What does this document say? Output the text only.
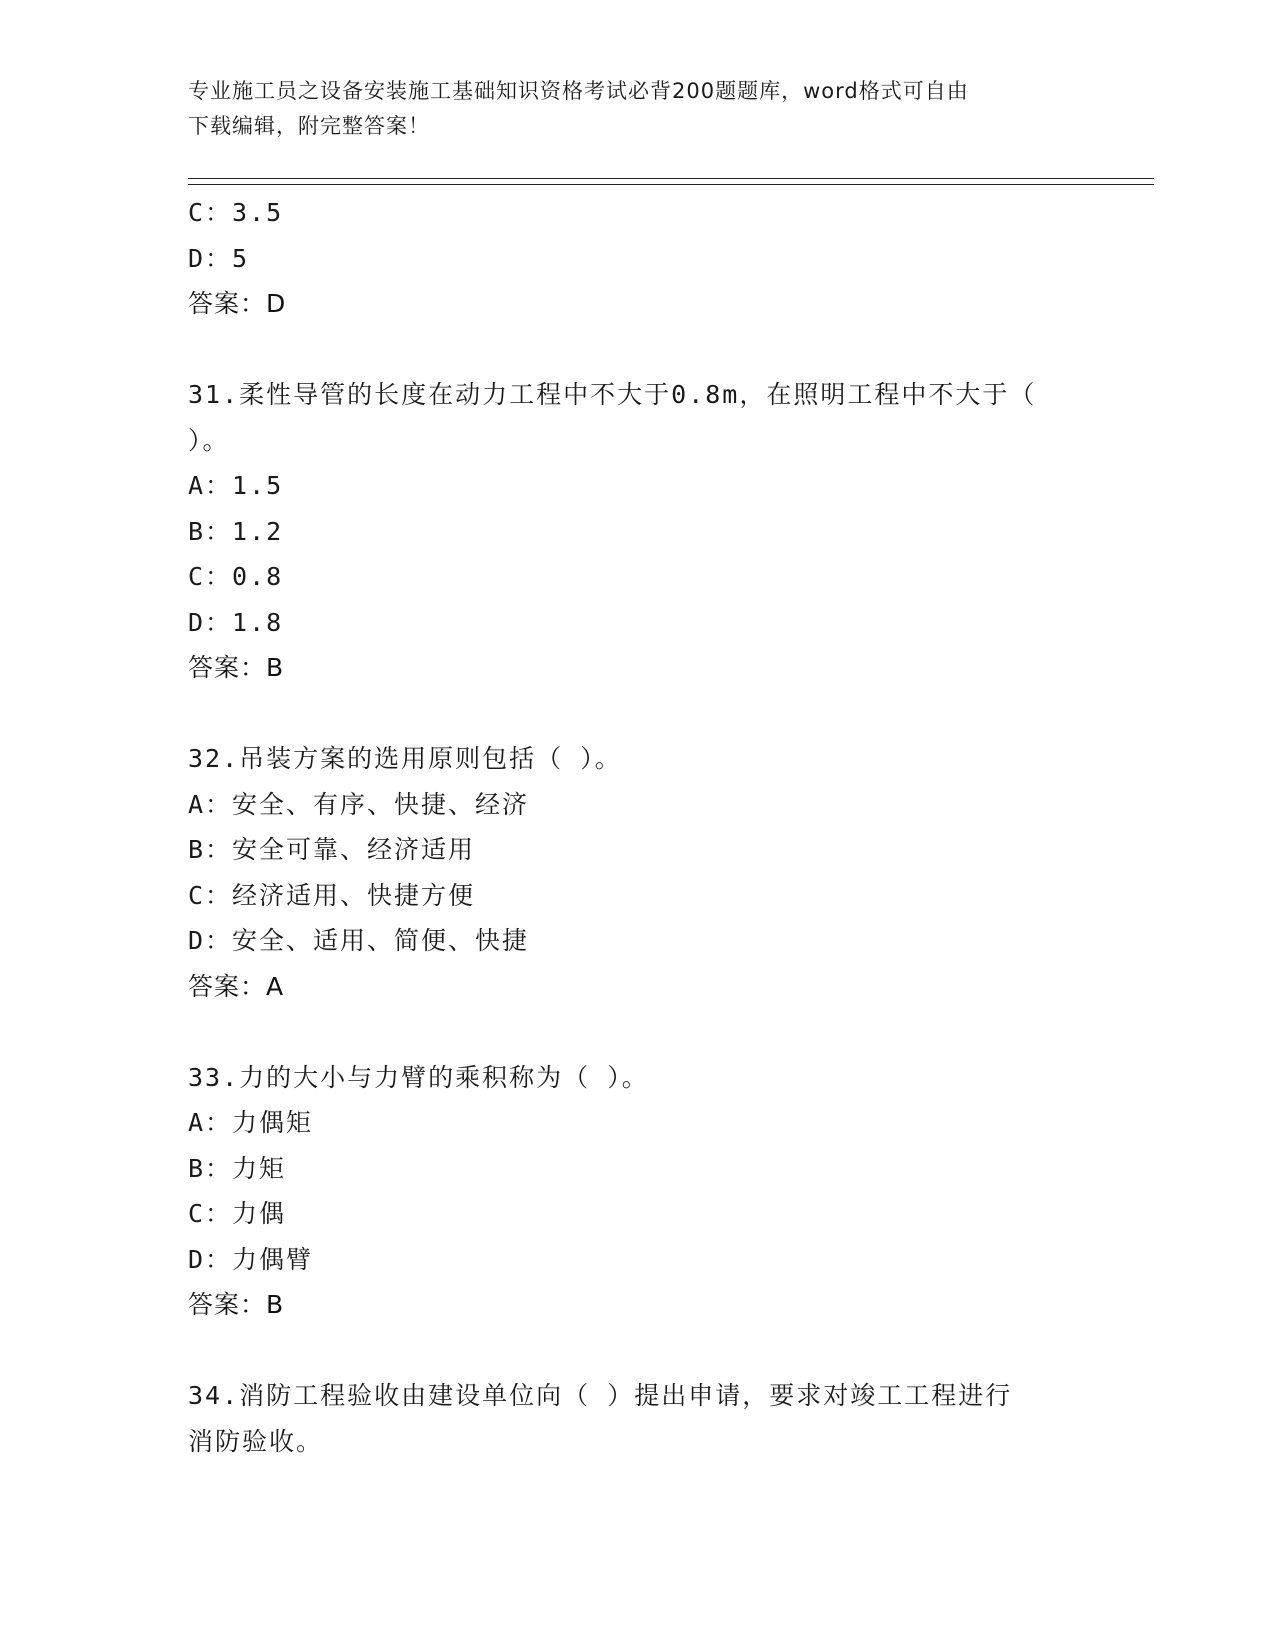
专业施工员之设备安装施工基础知识资格考试必背200题题库，word格式可自由
下载编辑，附完整答案！
C：3.5
D：5
答案：D
31.柔性导管的长度在动力工程中不大于0.8m，在照明工程中不大于（
）。
A：1.5
B：1.2
C：0.8
D：1.8
答案：B
32.吊装方案的选用原则包括（ ）。
A：安全、有序、快捷、经济
B：安全可靠、经济适用
C：经济适用、快捷方便
D：安全、适用、简便、快捷
答案：A
33.力的大小与力臂的乘积称为（ ）。
A：力偶矩
B：力矩
C：力偶
D：力偶臂
答案：B
34.消防工程验收由建设单位向（ ）提出申请，要求对竣工工程进行
消防验收。
